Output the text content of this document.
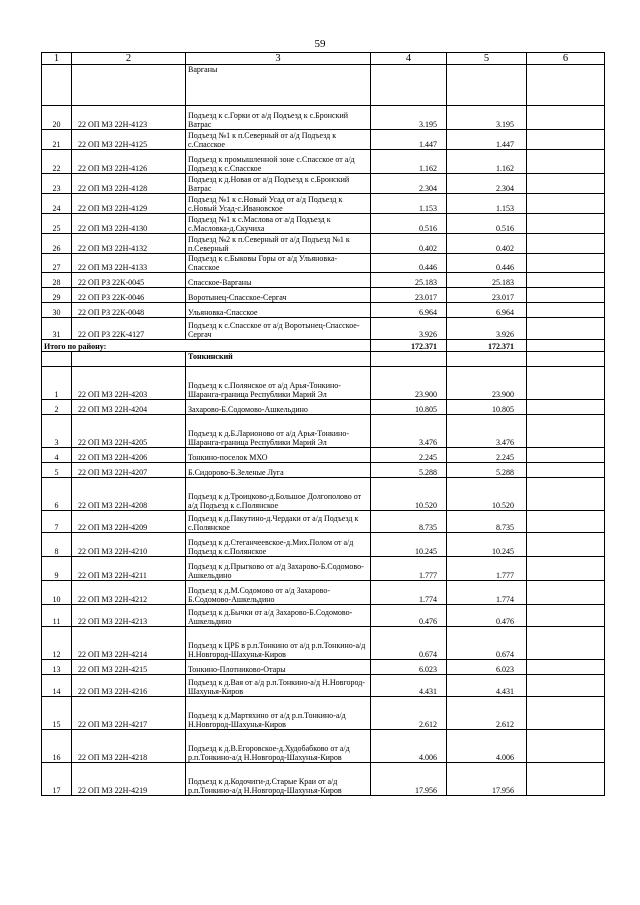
59
1	2	3	4	5	6
		Варганы			
20	22 ОП МЗ 22Н-4123	Подъезд к с.Горки от а/д Подъезд к с.Бронский Ватрас	3.195	3.195	
21	22 ОП МЗ 22Н-4125	Подъезд №1 к п.Северный от а/д Подъезд к с.Спасское	1.447	1.447	
22	22 ОП МЗ 22Н-4126	Подъезд к промышленной зоне с.Спасское от а/д Подъезд к с.Спасское	1.162	1.162	
23	22 ОП МЗ 22Н-4128	Подъезд к д.Новая от а/д Подъезд к с.Бронский Ватрас	2.304	2.304	
24	22 ОП МЗ 22Н-4129	Подъезд №1 к с.Новый Усад от а/д Подъезд к с.Новый Усад-с.Ивановское	1.153	1.153	
25	22 ОП МЗ 22Н-4130	Подъезд №1 к с.Маслова от а/д Подъезд к с.Масловка-д.Скучиха	0.516	0.516	
26	22 ОП МЗ 22Н-4132	Подъезд №2 к п.Северный от а/д Подъезд №1 к п.Северный	0.402	0.402	
27	22 ОП МЗ 22Н-4133	Подъезд к с.Быковы Горы от а/д Ульяновка-Спасское	0.446	0.446	
28	22 ОП РЗ 22К-0045	Спасское-Варганы	25.183	25.183	
29	22 ОП РЗ 22К-0046	Воротынец-Спасское-Сергач	23.017	23.017	
30	22 ОП РЗ 22К-0048	Ульяновка-Спасское	6.964	6.964	
31	22 ОП РЗ 22К-4127	Подъезд к с.Спасское от а/д Воротынец-Спасское-Сергач	3.926	3.926	
Итого по району:			172.371	172.371	
		Тонкинский			
1	22 ОП МЗ 22Н-4203	Подъезд к с.Полянское от а/д Арья-Тонкино-Шаранга-граница Республики Марий Эл	23.900	23.900	
2	22 ОП МЗ 22Н-4204	Захарово-Б.Содомово-Ашкельдино	10.805	10.805	
3	22 ОП МЗ 22Н-4205	Подъезд к д.Б.Ларионово от а/д Арья-Тонкино-Шаранга-граница Республики Марий Эл	3.476	3.476	
4	22 ОП МЗ 22Н-4206	Тонкино-поселок МХО	2.245	2.245	
5	22 ОП МЗ 22Н-4207	Б.Сидорово-Б.Зеленые Луга	5.288	5.288	
6	22 ОП МЗ 22Н-4208	Подъезд к д.Троицково-д.Большое Долгополово от а/д Подъезд к с.Полянское	10.520	10.520	
7	22 ОП МЗ 22Н-4209	Подъезд к д.Пакутино-д.Чердаки от а/д Подъезд к с.Полянское	8.735	8.735	
8	22 ОП МЗ 22Н-4210	Подъезд к д.Стеганчеевское-д.Мих.Полом от а/д Подъезд к с.Полянское	10.245	10.245	
9	22 ОП МЗ 22Н-4211	Подъезд к д.Прыгково от а/д Захарово-Б.Содомово-Ашкельдино	1.777	1.777	
10	22 ОП МЗ 22Н-4212	Подъезд к д.М.Содомово от а/д Захарово-Б.Содомово-Ашкельдино	1.774	1.774	
11	22 ОП МЗ 22Н-4213	Подъезд к д.Бычки от а/д Захарово-Б.Содомово-Ашкельдино	0.476	0.476	
12	22 ОП МЗ 22Н-4214	Подъезд к ЦРБ в р.п.Тонкино от а/д р.п.Тонкино-а/д Н.Новгород-Шахунья-Киров	0.674	0.674	
13	22 ОП МЗ 22Н-4215	Тонкино-Плотниково-Отары	6.023	6.023	
14	22 ОП МЗ 22Н-4216	Подъезд к д.Вая от а/д р.п.Тонкино-а/д Н.Новгород-Шахунья-Киров	4.431	4.431	
15	22 ОП МЗ 22Н-4217	Подъезд к д.Мартяхино от а/д р.п.Тонкино-а/д Н.Новгород-Шахунья-Киров	2.612	2.612	
16	22 ОП МЗ 22Н-4218	Подъезд к д.В.Егоровское-д.Худобабково от а/д р.п.Тонкино-а/д Н.Новгород-Шахунья-Киров	4.006	4.006	
17	22 ОП МЗ 22Н-4219	Подъезд к д.Кодочиги-д.Старые Краи от а/д р.п.Тонкино-а/д Н.Новгород-Шахунья-Киров	17.956	17.956	
